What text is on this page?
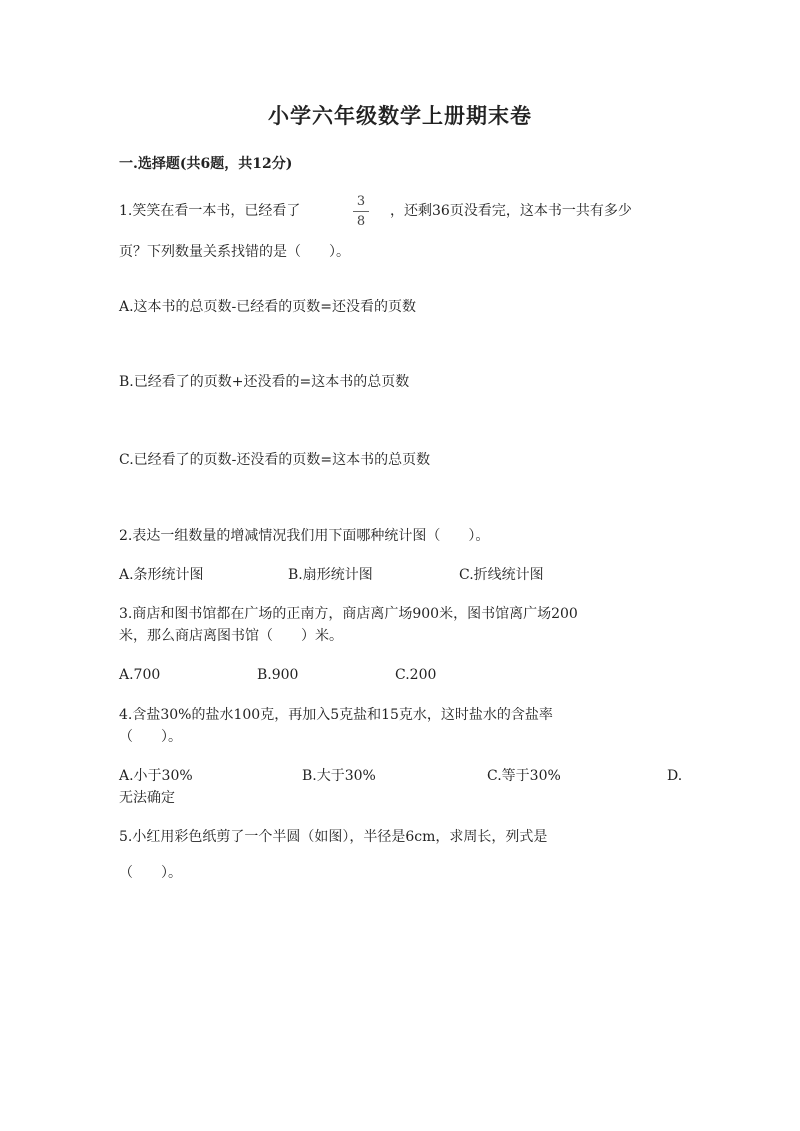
小学六年级数学上册期末卷
一.选择题(共6题，共12分)
1.笑笑在看一本书，已经看了
3
8
，还剩36页没看完，这本书一共有多少
页？下列数量关系找错的是（　　）。
A.这本书的总页数-已经看的页数=还没看的页数
B.已经看了的页数+还没看的=这本书的总页数
C.已经看了的页数-还没看的页数=这本书的总页数
2.表达一组数量的增减情况我们用下面哪种统计图（　　）。
A.条形统计图	B.扇形统计图	C.折线统计图
3.商店和图书馆都在广场的正南方，商店离广场900米，图书馆离广场200
米，那么商店离图书馆（　　）米。
A.700	B.900	C.200
4.含盐30%的盐水100克，再加入5克盐和15克水，这时盐水的含盐率
（　　）。
A.小于30%	B.大于30%	C.等于30%	D.
无法确定
5.小红用彩色纸剪了一个半圆（如图），半径是6cm，求周长，列式是
（　　）。
